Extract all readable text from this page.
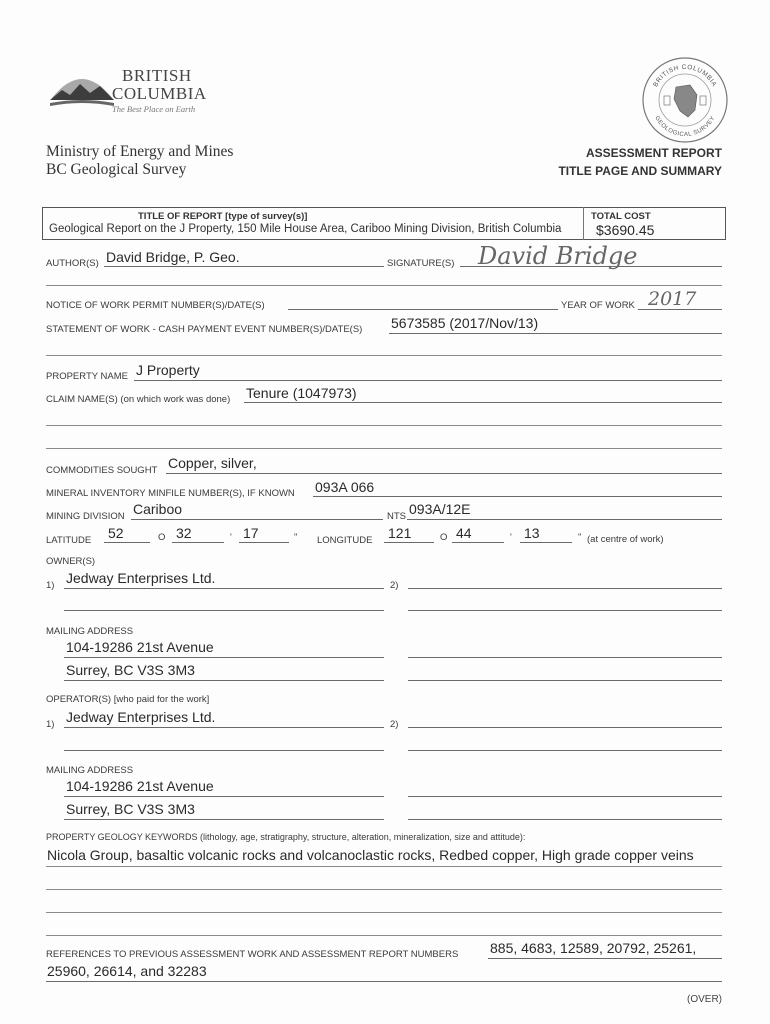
BRITISH
COLUMBIA
The Best Place on Earth
BRITISH COLUMBIA
GEOLOGICAL SURVEY
Ministry of Energy and Mines
BC Geological Survey
ASSESSMENT REPORT
TITLE PAGE AND SUMMARY
TITLE OF REPORT [type of survey(s)]	TOTAL COST
Geological Report on the J Property, 150 Mile House Area, Cariboo Mining Division, British Columbia $3690.45
AUTHOR(S) David Bridge, P. Geo.	SIGNATURE(S) David Bridge
NOTICE OF WORK PERMIT NUMBER(S)/DATE(S)	YEAR OF WORK 2017
STATEMENT OF WORK - CASH PAYMENT EVENT NUMBER(S)/DATE(S) 5673585 (2017/Nov/13)
PROPERTY NAME J Property
CLAIM NAME(S) (on which work was done) Tenure (1047973)
COMMODITIES SOUGHT Copper, silver,
MINERAL INVENTORY MINFILE NUMBER(S), IF KNOWN 093A 066
MINING DIVISION Cariboo	NTS 093A/12E
LATITUDE 52	O 32	' 17	" LONGITUDE 121	O 44	' 13	" (at centre of work)
OWNER(S)
1) Jedway Enterprises Ltd.	2)
MAILING ADDRESS
104-19286 21st Avenue
Surrey, BC V3S 3M3
OPERATOR(S) [who paid for the work]
1) Jedway Enterprises Ltd.	2)
MAILING ADDRESS
104-19286 21st Avenue
Surrey, BC V3S 3M3
PROPERTY GEOLOGY KEYWORDS (lithology, age, stratigraphy, structure, alteration, mineralization, size and attitude):
Nicola Group, basaltic volcanic rocks and volcanoclastic rocks, Redbed copper, High grade copper veins
REFERENCES TO PREVIOUS ASSESSMENT WORK AND ASSESSMENT REPORT NUMBERS 885, 4683, 12589, 20792, 25261,
25960, 26614, and 32283
(OVER)
